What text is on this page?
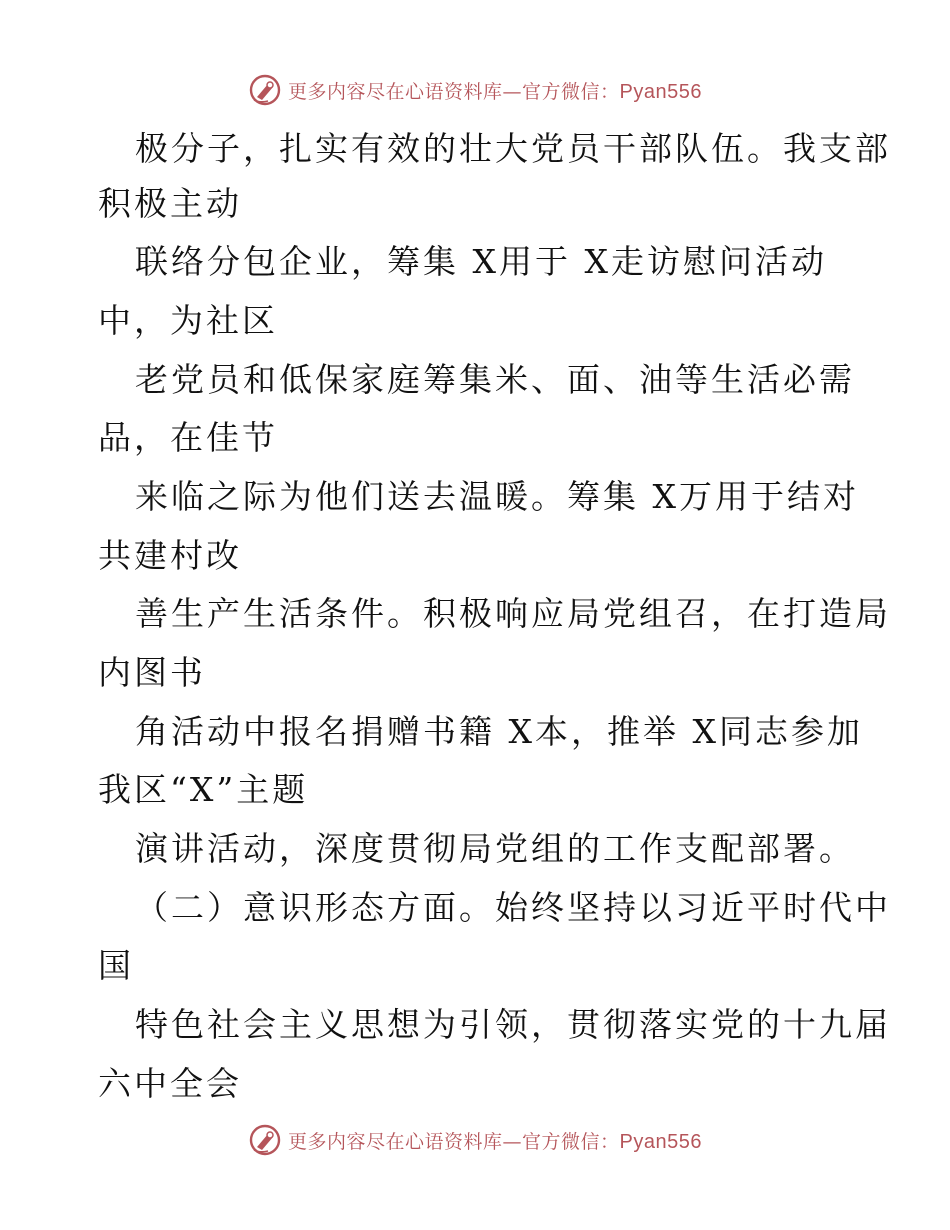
更多内容尽在心语资料库—官方微信：Pyan556
极分子，扎实有效的壮大党员干部队伍。我支部
积极主动
联络分包企业，筹集 X用于 X走访慰问活动
中，为社区
老党员和低保家庭筹集米、面、油等生活必需
品，在佳节
来临之际为他们送去温暖。筹集 X万用于结对
共建村改
善生产生活条件。积极响应局党组召，在打造局
内图书
角活动中报名捐赠书籍 X本，推举 X同志参加
我区“X”主题
演讲活动，深度贯彻局党组的工作支配部署。
（二）意识形态方面。始终坚持以习近平时代中
国
特色社会主义思想为引领，贯彻落实党的十九届
六中全会
更多内容尽在心语资料库—官方微信：Pyan556
